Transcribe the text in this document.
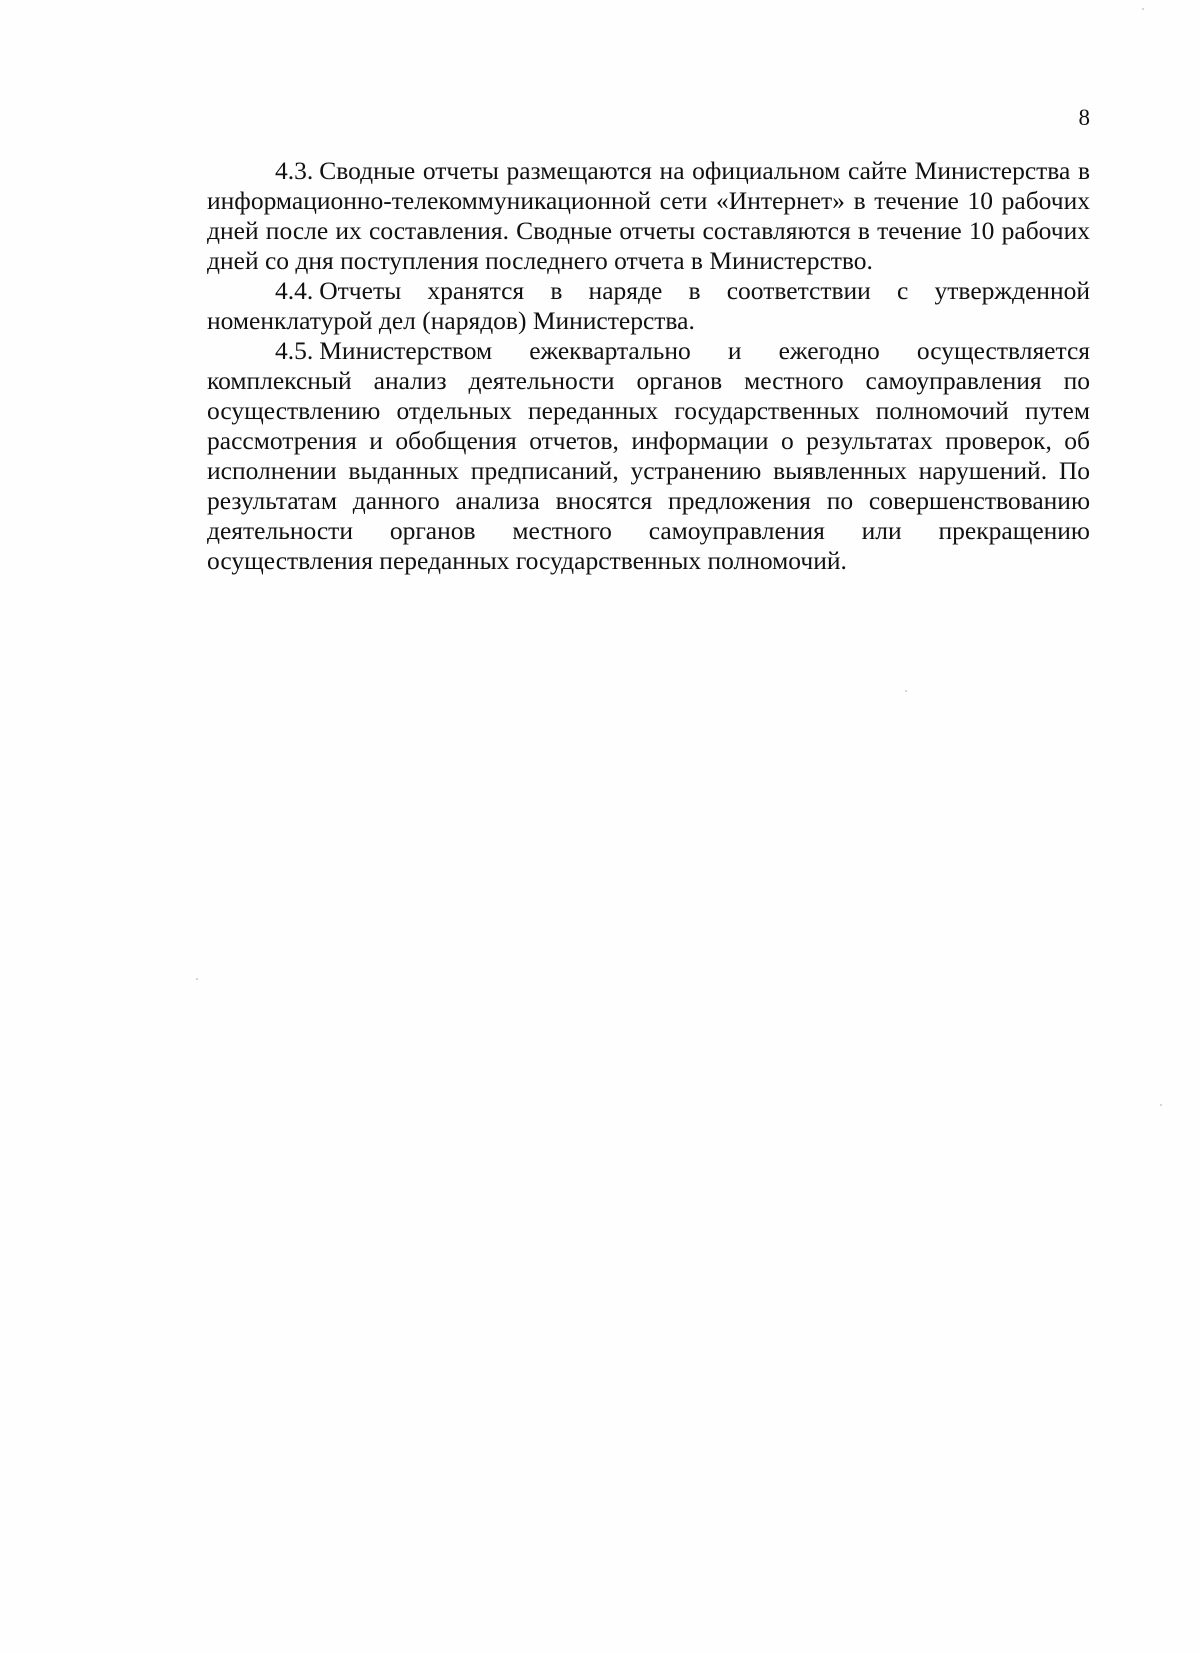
8

4.3. Сводные отчеты размещаются на официальном сайте Министерства в информационно-телекоммуникационной сети «Интернет» в течение 10 рабочих дней после их составления. Сводные отчеты составляются в течение 10 рабочих дней со дня поступления последнего отчета в Министерство.

4.4. Отчеты хранятся в наряде в соответствии с утвержденной номенклатурой дел (нарядов) Министерства.

4.5. Министерством ежеквартально и ежегодно осуществляется комплексный анализ деятельности органов местного самоуправления по осуществлению отдельных переданных государственных полномочий путем рассмотрения и обобщения отчетов, информации о результатах проверок, об исполнении выданных предписаний, устранению выявленных нарушений. По результатам данного анализа вносятся предложения по совершенствованию деятельности органов местного самоуправления или прекращению осуществления переданных государственных полномочий.
